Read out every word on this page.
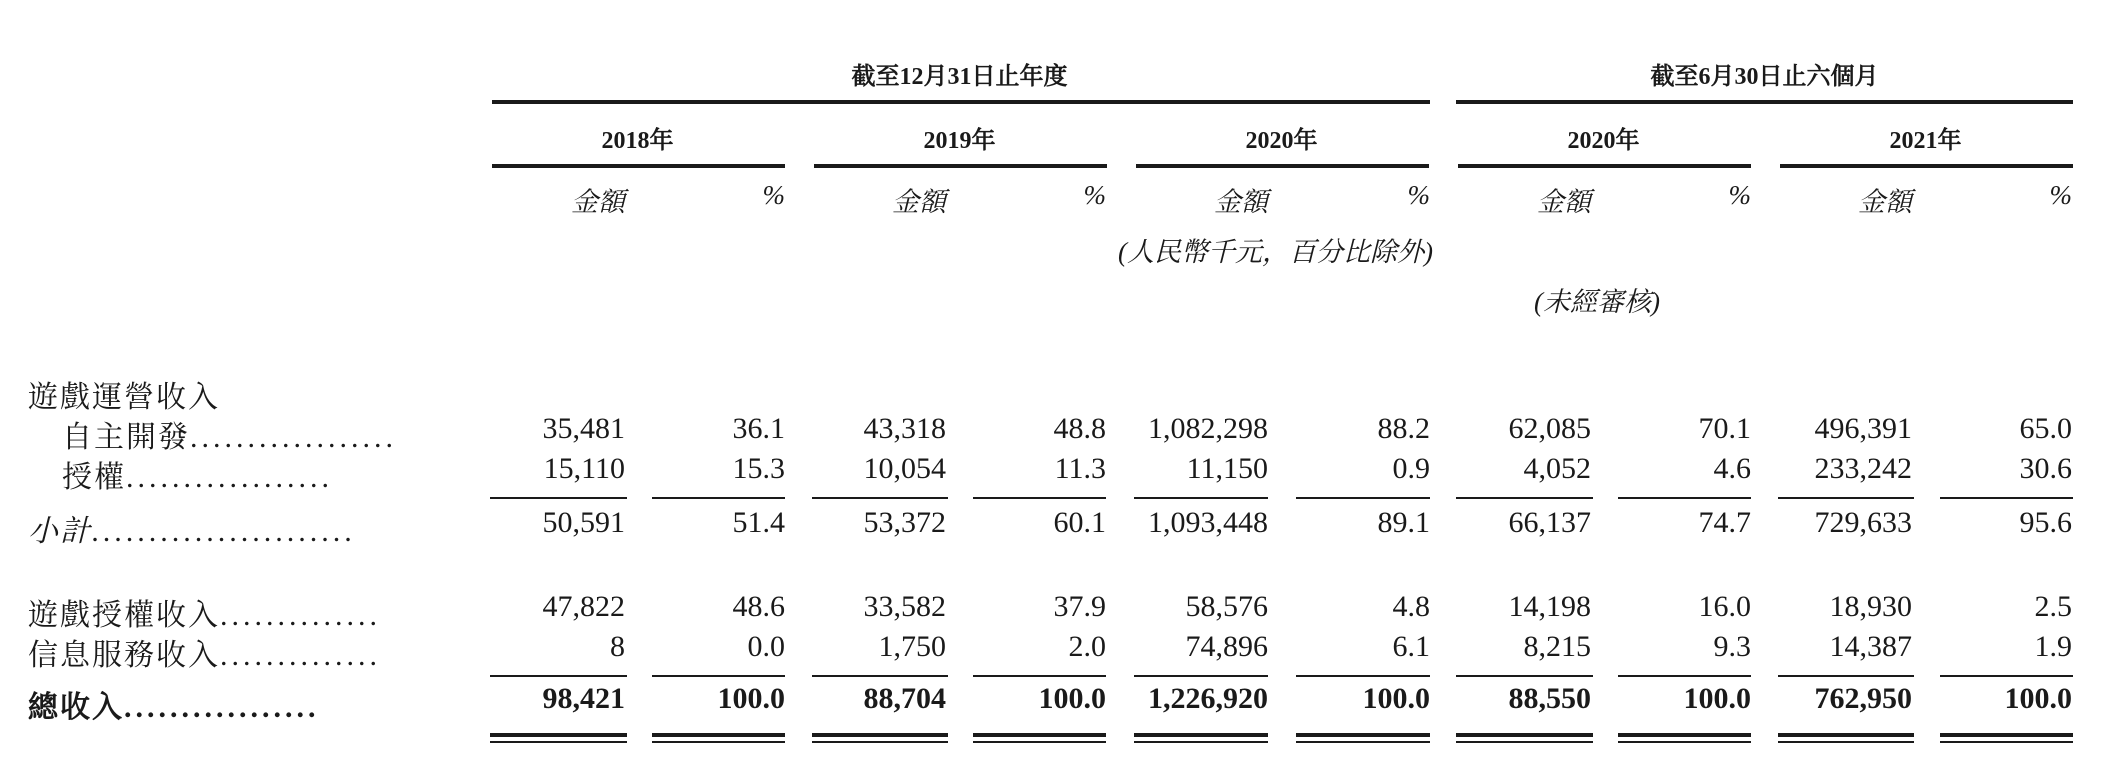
截至12月31日止年度	截至6月30日止六個月
2018年	2019年	2020年	2020年	2021年
金額	%	金額	%	金額	%	金額	%	金額	%
(人民幣千元，百分比除外)
(未經審核)
遊戲運營收入
自主開發..................	35,481	36.1	43,318	48.8	1,082,298	88.2	62,085	70.1	496,391	65.0
授權..................	15,110	15.3	10,054	11.3	11,150	0.9	4,052	4.6	233,242	30.6
小計.......................	50,591	51.4	53,372	60.1	1,093,448	89.1	66,137	74.7	729,633	95.6
遊戲授權收入..............	47,822	48.6	33,582	37.9	58,576	4.8	14,198	16.0	18,930	2.5
信息服務收入..............	8	0.0	1,750	2.0	74,896	6.1	8,215	9.3	14,387	1.9
總收入.................	98,421	100.0	88,704	100.0	1,226,920	100.0	88,550	100.0	762,950	100.0
